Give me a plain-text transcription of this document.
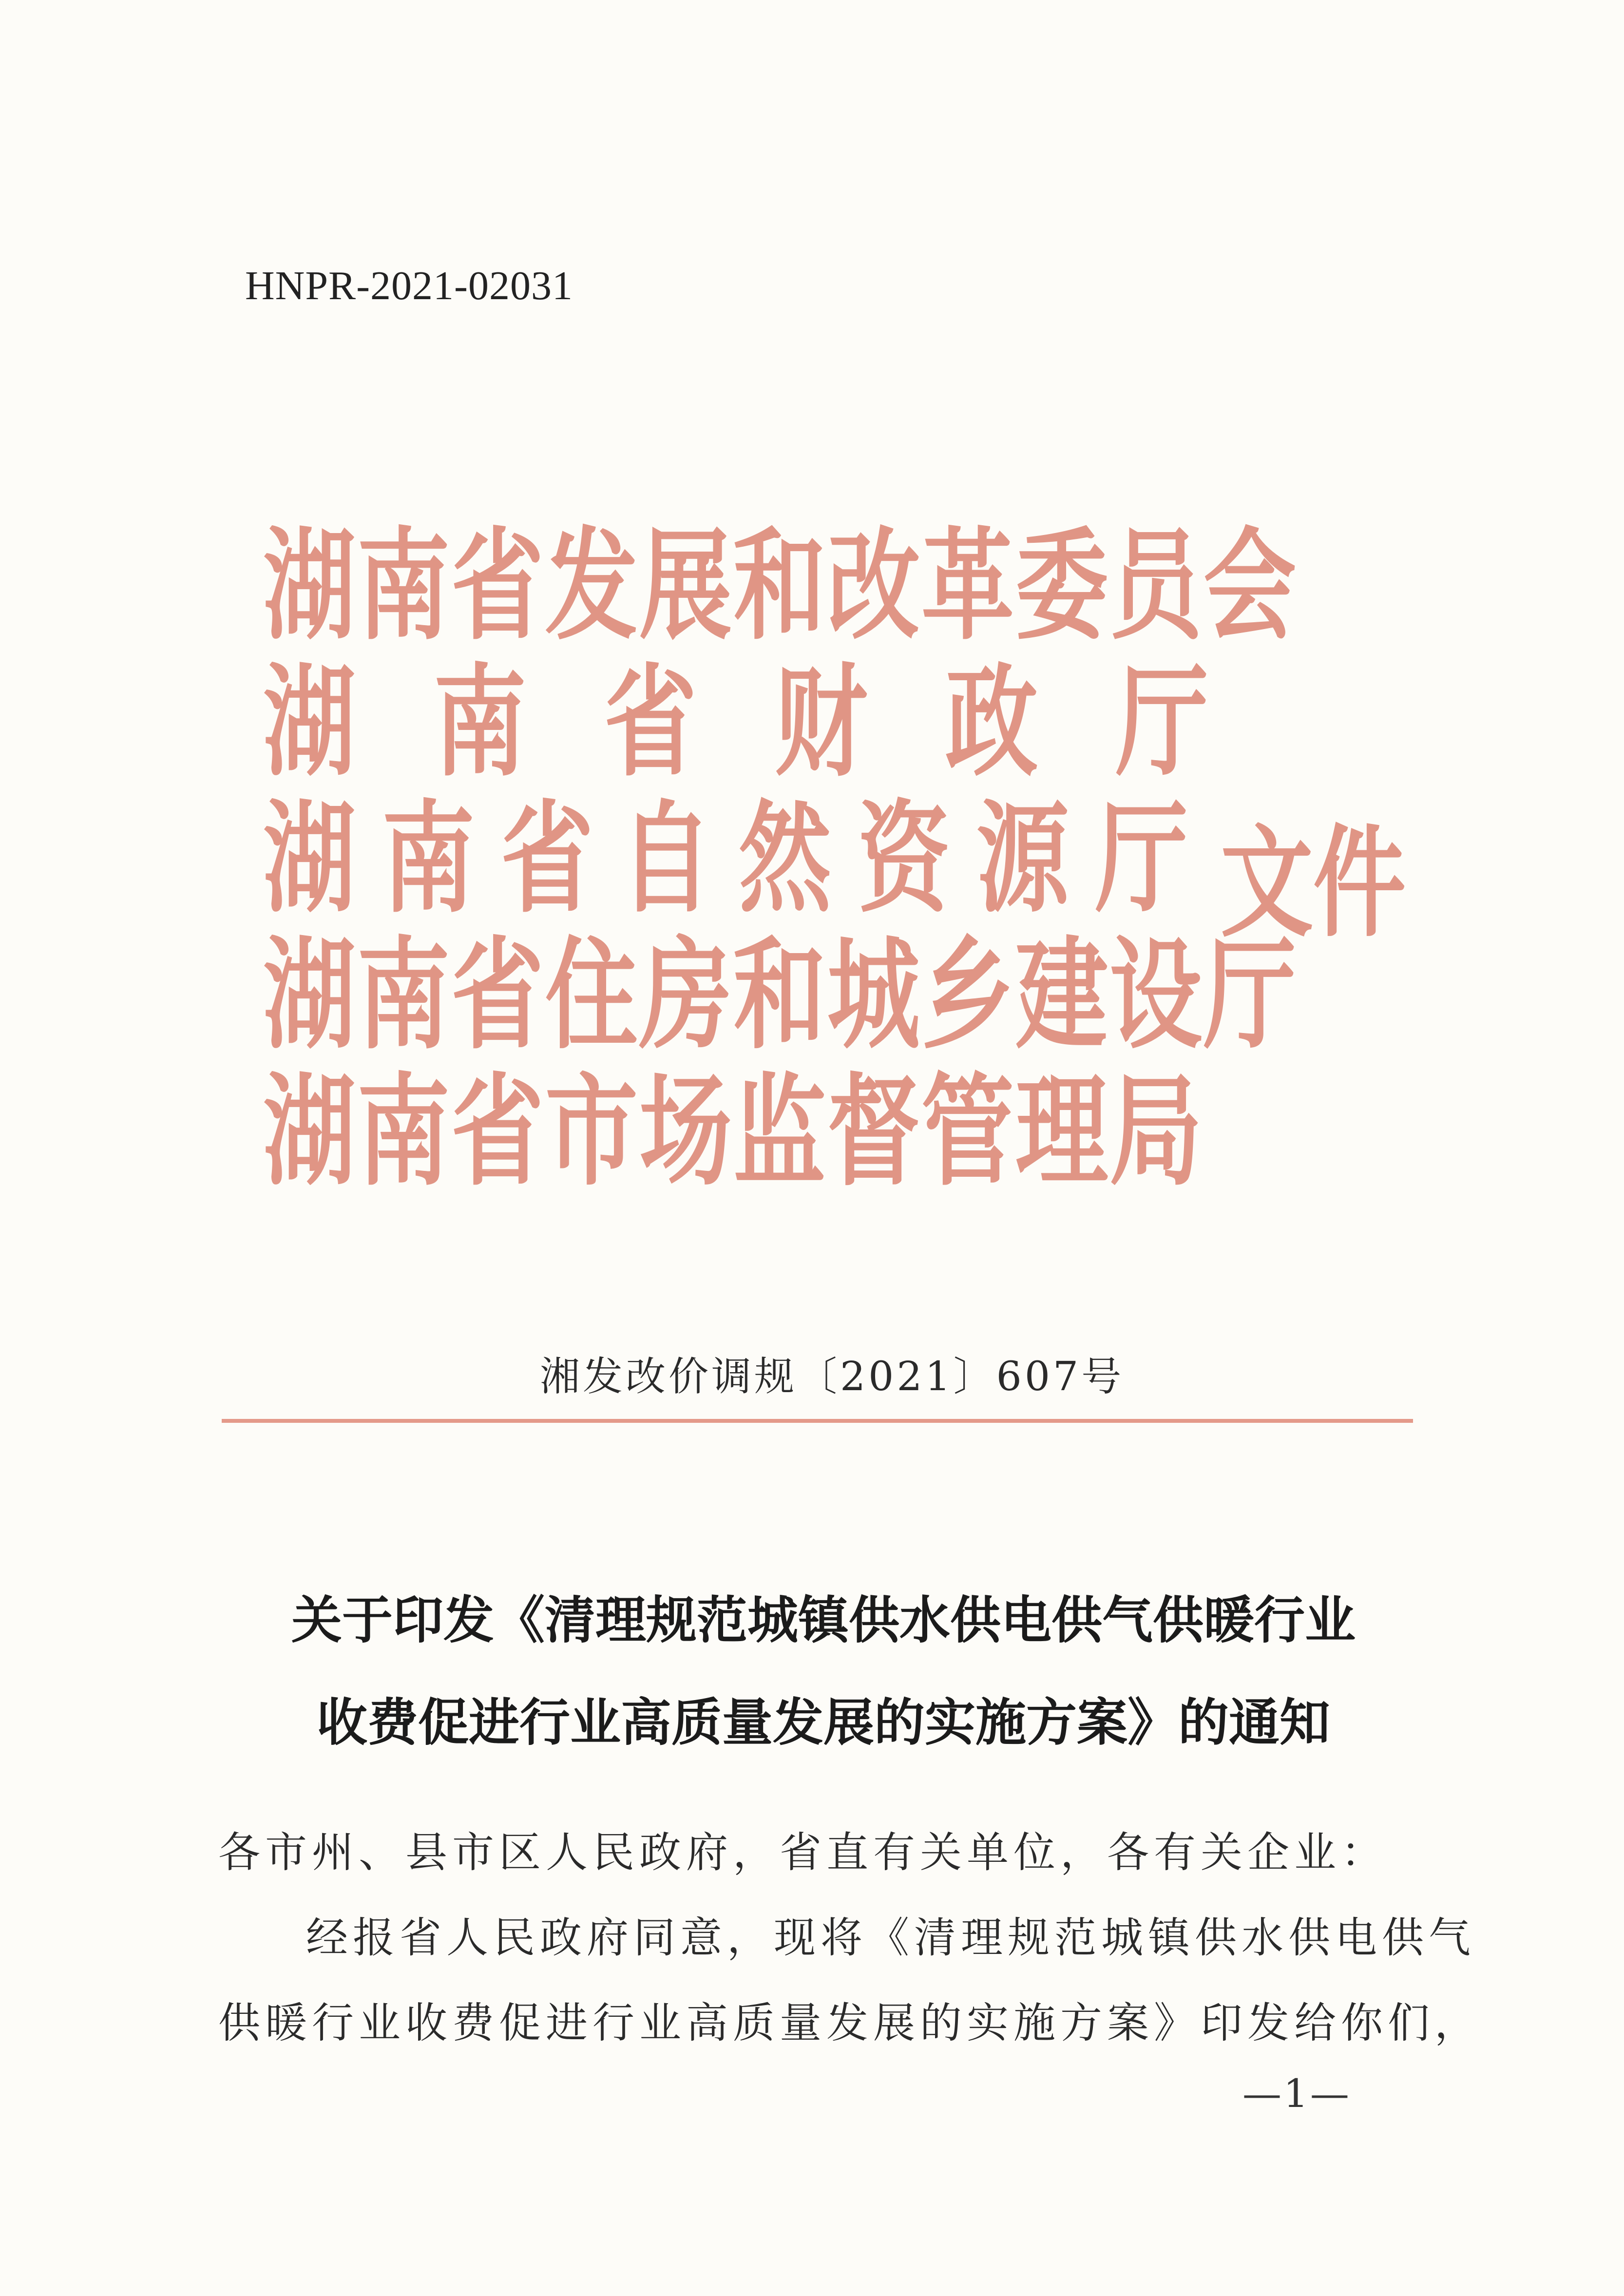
HNPR-2021-02031
湖南省发展和改革委员会
湖南省财政厅
湖南省自然资源厅
湖南省住房和城乡建设厅
湖南省市场监督管理局
文件
湘发改价调规〔2021〕607号
关于印发《清理规范城镇供水供电供气供暖行业
收费促进行业高质量发展的实施方案》的通知

各市州、县市区人民政府，省直有关单位，各有关企业：

经报省人民政府同意，现将《清理规范城镇供水供电供气

供暖行业收费促进行业高质量发展的实施方案》印发给你们，

—1—
